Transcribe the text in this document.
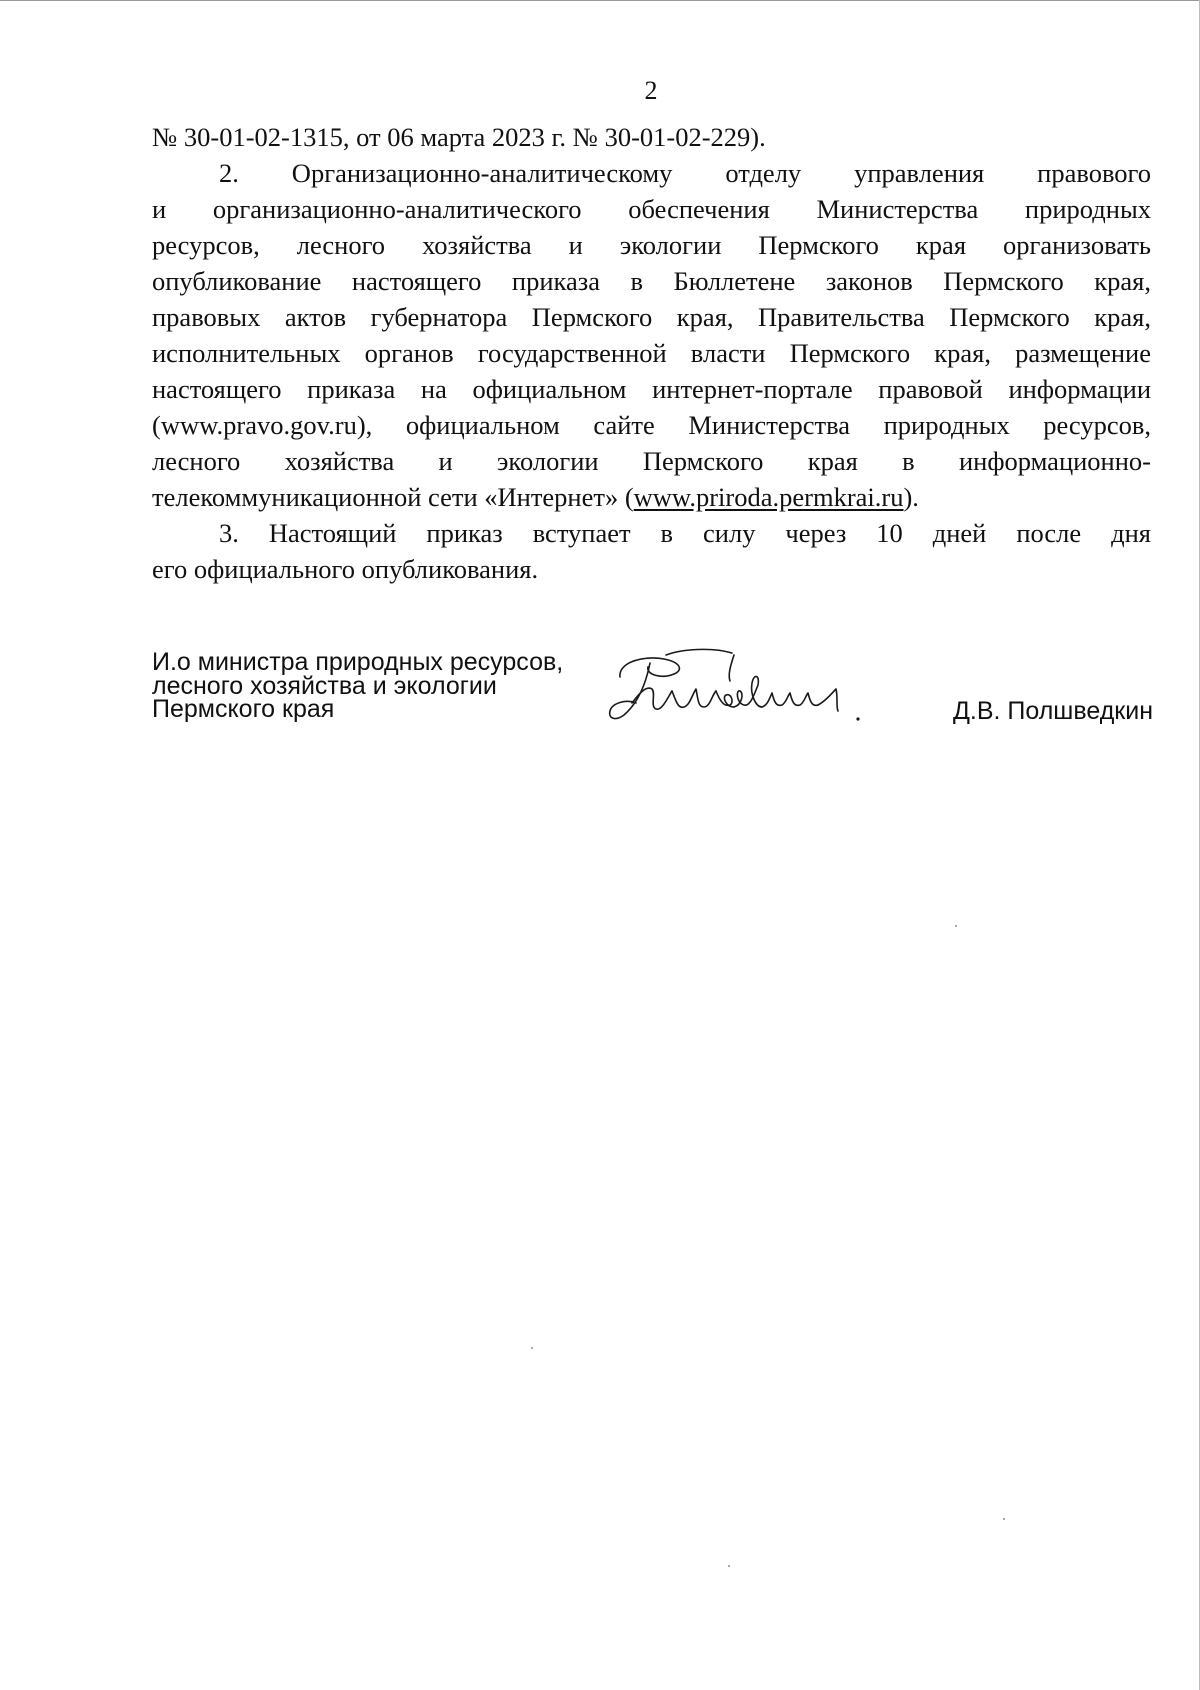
2
№ 30-01-02-1315, от 06 марта 2023 г. № 30-01-02-229).
2. Организационно-аналитическому отделу управления правового
и организационно-аналитического обеспечения Министерства природных
ресурсов, лесного хозяйства и экологии Пермского края организовать
опубликование настоящего приказа в Бюллетене законов Пермского края,
правовых актов губернатора Пермского края, Правительства Пермского края,
исполнительных органов государственной власти Пермского края, размещение
настоящего приказа на официальном интернет-портале правовой информации
(www.pravo.gov.ru), официальном сайте Министерства природных ресурсов,
лесного хозяйства и экологии Пермского края в информационно-
телекоммуникационной сети «Интернет» (www.priroda.permkrai.ru).
3. Настоящий приказ вступает в силу через 10 дней после дня
его официального опубликования.
И.о министра природных ресурсов,
лесного хозяйства и экологии
Пермского края	Д.В. Полшведкин
